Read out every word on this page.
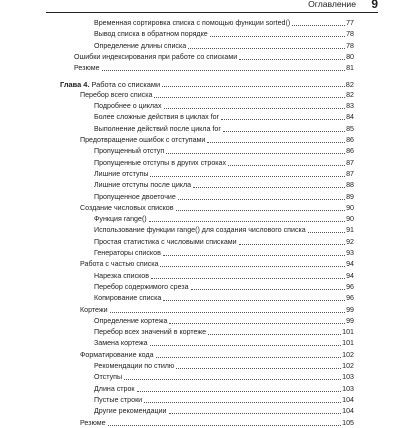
Оглавление 9
Временная сортировка списка с помощью функции sorted()	77
Вывод списка в обратном порядке	78
Определение длины списка	78
Ошибки индексирования при работе со списками	80
Резюме	81
Глава 4. Работа со списками	82
Перебор всего списка	82
Подробнее о циклах	83
Более сложные действия в циклах for	84
Выполнение действий после цикла for	85
Предотвращение ошибок с отступами	86
Пропущенный отступ	86
Пропущенные отступы в других строках	87
Лишние отступы	87
Лишние отступы после цикла	88
Пропущенное двоеточие	89
Создание числовых списков	90
Функция range()	90
Использование функции range() для создания числового списка	91
Простая статистика с числовыми списками	92
Генераторы списков	93
Работа с частью списка	94
Нарезка списков	94
Перебор содержимого среза	96
Копирование списка	96
Кортежи	99
Определение кортежа	99
Перебор всех значений в кортеже	101
Замена кортежа	101
Форматирование кода	102
Рекомендации по стилю	102
Отступы	103
Длина строк	103
Пустые строки	104
Другие рекомендации	104
Резюме	105
